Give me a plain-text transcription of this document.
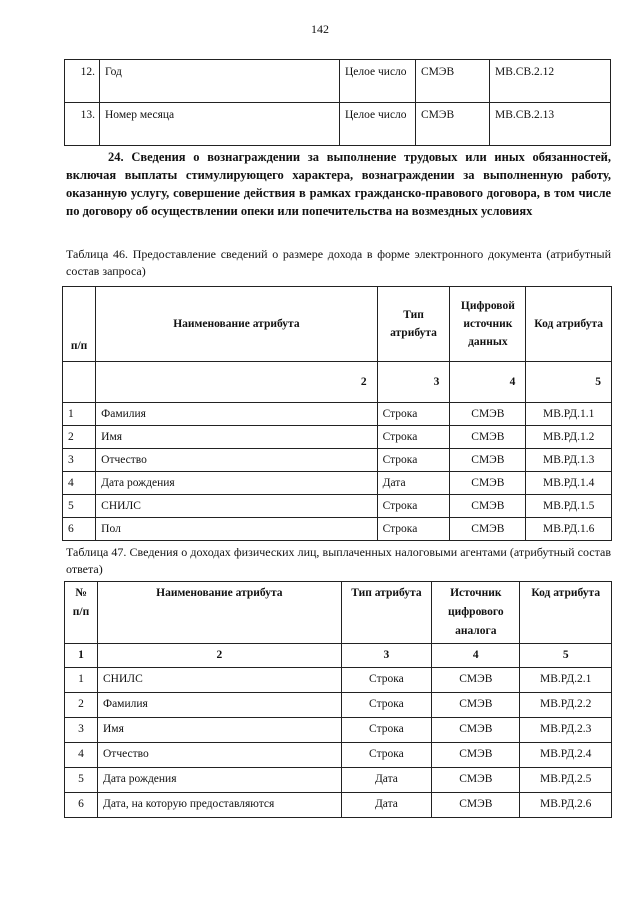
142
12.	Год	Целое число	СМЭВ	МВ.СВ.2.12
13.	Номер месяца	Целое число	СМЭВ	МВ.СВ.2.13

24. Сведения о вознаграждении за выполнение трудовых или иных обязанностей, включая выплаты стимулирующего характера, вознаграждении за выполненную работу, оказанную услугу, совершение действия в рамках гражданско-правового договора, в том числе по договору об осуществлении опеки или попечительства на возмездных условиях

Таблица 46. Предоставление сведений о размере дохода в форме электронного документа (атрибутный состав запроса)

п/п	Наименование атрибута	Тип атрибута	Цифровой источник данных	Код атрибута
	2	3	4	5
1	Фамилия	Строка	СМЭВ	МВ.РД.1.1
2	Имя	Строка	СМЭВ	МВ.РД.1.2
3	Отчество	Строка	СМЭВ	МВ.РД.1.3
4	Дата рождения	Дата	СМЭВ	МВ.РД.1.4
5	СНИЛС	Строка	СМЭВ	МВ.РД.1.5
6	Пол	Строка	СМЭВ	МВ.РД.1.6

Таблица 47. Сведения о доходах физических лиц, выплаченных налоговыми агентами (атрибутный состав ответа)

№ п/п	Наименование атрибута	Тип атрибута	Источник цифрового аналога	Код атрибута
1	2	3	4	5
1	СНИЛС	Строка	СМЭВ	МВ.РД.2.1
2	Фамилия	Строка	СМЭВ	МВ.РД.2.2
3	Имя	Строка	СМЭВ	МВ.РД.2.3
4	Отчество	Строка	СМЭВ	МВ.РД.2.4
5	Дата рождения	Дата	СМЭВ	МВ.РД.2.5
6	Дата, на которую предоставляются	Дата	СМЭВ	МВ.РД.2.6
